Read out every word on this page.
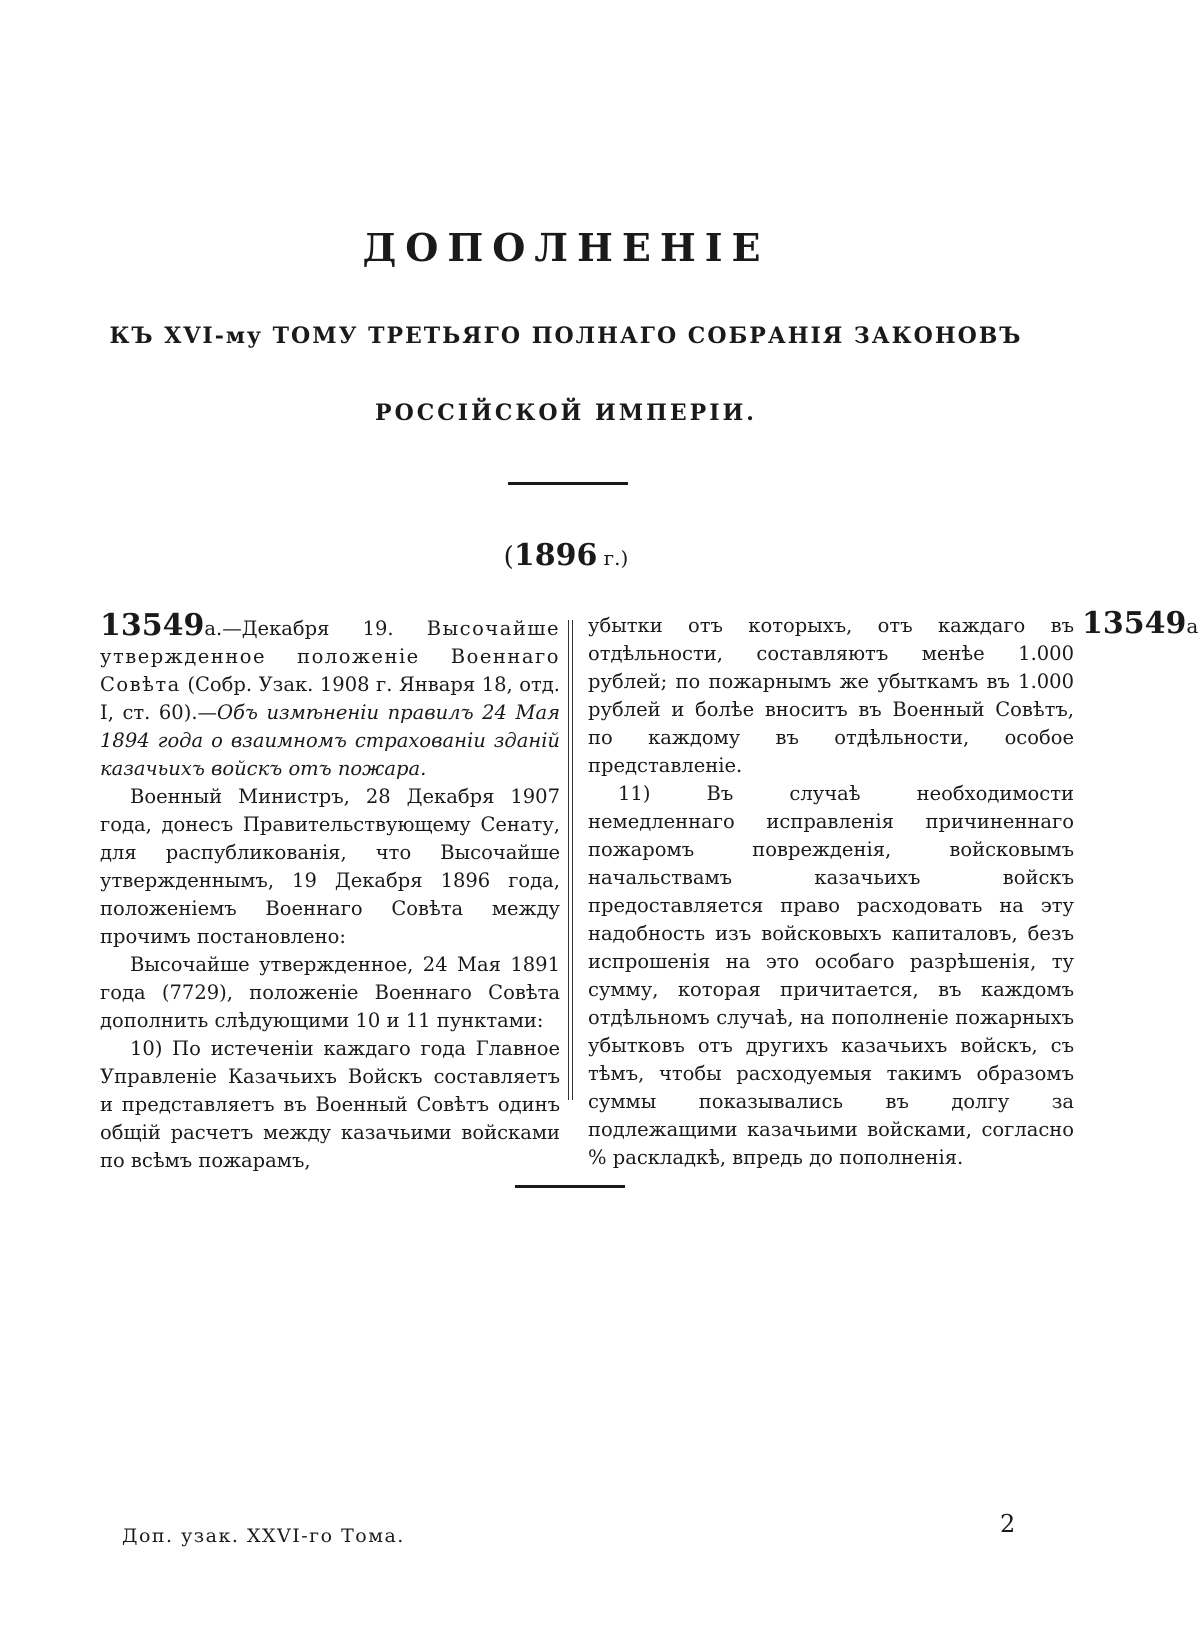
ДОПОЛНЕНІЕ
КЪ XVI-му ТОМУ ТРЕТЬЯГО ПОЛНАГО СОБРАНІЯ ЗАКОНОВЪ
РОССІЙСКОЙ ИМПЕРІИ.
(1896 г.)

13549а.—Декабря 19. Высочайше утвержденное положеніе Военнаго Совѣта (Собр. Узак. 1908 г. Января 18, отд. I, ст. 60).—Объ измѣненіи правилъ 24 Мая 1894 года о взаимномъ страхованіи зданій казачьихъ войскъ отъ пожара.

Военный Министръ, 28 Декабря 1907 года, донесъ Правительствующему Сенату, для распубликованія, что Высочайше утвержденнымъ, 19 Декабря 1896 года, положеніемъ Военнаго Совѣта между прочимъ постановлено:

Высочайше утвержденное, 24 Мая 1891 года (7729), положеніе Военнаго Совѣта дополнить слѣдующими 10 и 11 пунктами:

10) По истеченіи каждаго года Главное Управленіе Казачьихъ Войскъ составляетъ и представляетъ въ Военный Совѣтъ одинъ общій расчетъ между казачьими войсками по всѣмъ пожарамъ,

убытки отъ которыхъ, отъ каждаго въ отдѣльности, составляютъ менѣе 1.000 рублей; по пожарнымъ же убыткамъ въ 1.000 рублей и болѣе вноситъ въ Военный Совѣтъ, по каждому въ отдѣльности, особое представленіе.

11) Въ случаѣ необходимости немедленнаго исправленія причиненнаго пожаромъ поврежденія, войсковымъ начальствамъ казачьихъ войскъ предоставляется право расходовать на эту надобность изъ войсковыхъ капиталовъ, безъ испрошенія на это особаго разрѣшенія, ту сумму, которая причитается, въ каждомъ отдѣльномъ случаѣ, на пополненіе пожарныхъ убытковъ отъ другихъ казачьихъ войскъ, съ тѣмъ, чтобы расходуемыя такимъ образомъ суммы показывались въ долгу за подлежащими казачьими войсками, согласно % раскладкѣ, впредь до пополненія.

13549а
Доп. узак. XXVI-го Тома.	2
